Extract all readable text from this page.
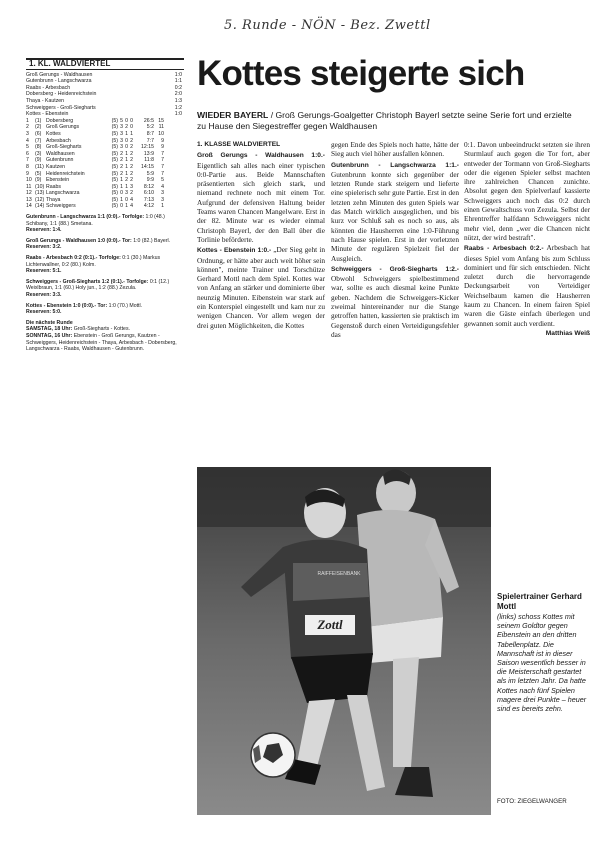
5. Runde - NÖN - Bez. Zwettl
1. KL. WALDVIERTEL
Groß Gerungs - Waldhausen	1:0
Gutenbrunn - Langschwarza	1:1
Raabs - Arbesbach	0:2
Dobersberg - Heidenreichstein	2:0
Thaya - Kautzen	1:3
Schweiggers - Groß-Siegharts	1:2
Kottes - Ebenstein	1:0
1	(1) Dobersberg	(5) 5 0 0	26:5 15
2	(2) Groß Gerungs	(5) 3 2 0	5:2 11
3	(6) Kottes	(5) 3 1 1	8:7 10
4	(7) Arbesbach	(5) 3 0 2	7:7	9
5	(8) Groß-Siegharts	(5) 3 0 2	12:15	9
6	(3) Waldhausen	(5) 2 1 2	13:9	7
7	(9) Gutenbrunn	(5) 2 1 2	11:8	7
8	(11) Kautzen	(5) 2 1 2	14:15	7
9	(5) Heidenreichstein	(5) 2 1 2	5:9	7
10 (9) Ebenstein	(5) 1 2 2	9:9	5
11 (10) Raabs	(5) 1 1 3	8:12	4
12 (13) Langschwarza	(5) 0 3 2	6:10	3
13 (12) Thaya	(5) 1 0 4	7:13	3
14 (14) Schweiggers	(5) 0 1 4	4:12	1
Gutenbrunn - Langschwarza 1:1 (0:0).- Torfolge: 1:0 (48.) Schibany, 1:1 (88.) Smetana.
Reserven: 1:4.
Groß Gerungs - Waldhausen 1:0 (0:0).- Tor: 1:0 (82.) Bayerl.
Reserven: 3:2.
Raabs - Arbesbach 0:2 (0:1).- Torfolge: 0:1 (30.) Markus Lichtenwallner, 0:2 (80.) Kolm.
Reserven: 5:1.
Schweiggers - Groß-Siegharts 1:2 (0:1).- Torfolge: 0:1 (12.) Weixlbraun, 1:1 (60.) Holy jun., 1:2 (88.) Zezula.
Reserven: 3:3.
Kottes - Ebenstein 1:0 (0:0).- Tor: 1:0 (70.) Mottl.
Reserven: 5:0.
Die nächste Runde
SAMSTAG, 18 Uhr: Groß-Siegharts - Kottes.
SONNTAG, 16 Uhr: Ebenstein - Groß Gerungs, Kautzen - Schweiggers, Heidenreichstein - Thaya, Arbesbach - Dobersberg, Langschwarza - Raabs, Waldhausen - Gutenbrunn.
Kottes steigerte sich
WIEDER BAYERL / Groß Gerungs-Goalgetter Christoph Bayerl setzte seine Serie fort und erzielte zu Hause den Siegestreffer gegen Waldhausen

1. KLASSE WALDVIERTEL

Groß Gerungs - Waldhausen 1:0.- Eigentlich sah alles nach einer typischen 0:0-Partie aus. Beide Mannschaften präsentierten sich gleich stark, und niemand rechnete noch mit einem Tor. Aufgrund der defensiven Haltung beider Teams waren Chancen Mangelware. Erst in der 82. Minute war es wieder einmal Christoph Bayerl, der den Ball über die Torlinie beförderte.

Kottes - Ebenstein 1:0.- „Der Sieg geht in Ordnung, er hätte aber auch weit höher sein können", meinte Trainer und Torschütze Gerhard Mottl nach dem Spiel. Kottes war von Anfang an stärker und dominierte über neunzig Minuten. Eibenstein war stark auf ein Konterspiel eingestellt und kam nur zu wenigen Chancen. Vor allem wegen der drei guten Möglichkeiten, die Kottes

gegen Ende des Spiels noch hatte, hätte der Sieg auch viel höher ausfallen können.

Gutenbrunn - Langschwarza 1:1.- Gutenbrunn konnte sich gegenüber der letzten Runde stark steigern und lieferte eine spielerisch sehr gute Partie. Erst in den letzten zehn Minuten des guten Spiels war das Match wirklich ausgeglichen, und bis kurz vor Schluß sah es noch so aus, als könnten die Hausherren eine 1:0-Führung nach Hause spielen. Erst in der vorletzten Minute der regulären Spielzeit fiel der Ausgleich.

Schweiggers - Groß-Siegharts 1:2.- Obwohl Schweiggers spielbestimmend war, sollte es auch diesmal keine Punkte geben. Nachdem die Schweiggers-Kicker zweimal hintereinander nur die Stange getroffen hatten, kassierten sie praktisch im Gegenstoß durch einen Verteidigungsfehler das

0:1. Davon unbeeindruckt setzten sie ihren Sturmlauf auch gegen die Tor fort, aber entweder der Tormann von Groß-Siegharts oder die eigenen Spieler selbst machten ihre zahlreichen Chancen zunichte. Absolut gegen den Spielverlauf kassierte Schweiggers auch noch das 0:2 durch einen Gewaltschuss von Zezula. Selbst der Ehrentreffer halfdann Schweiggers nicht mehr viel, denn „wer die Chancen nicht nützt, der wird bestraft".

Raabs - Arbesbach 0:2.- Arbesbach hat dieses Spiel vom Anfang bis zum Schluss dominiert und für sich entschieden. Nicht zuletzt durch die hervorragende Deckungsarbeit von Verteidiger Weichselbaum kamen die Hausherren kaum zu Chancen. In einem fairen Spiel waren die Gäste einfach überlegen und gewannen somit auch verdient.

Matthias Weiß

Zottl
RAIFFEISENBANK
Spielertrainer Gerhard Mottl
(links) schoss Kottes mit seinem Goldtor gegen Eibenstein an den dritten Tabellenplatz. Die Mannschaft ist in dieser Saison wesentlich besser in die Meisterschaft gestartet als im letzten Jahr. Da hatte Kottes nach fünf Spielen magere drei Punkte – heuer sind es bereits zehn.
FOTO: ZIEGELWANGER
